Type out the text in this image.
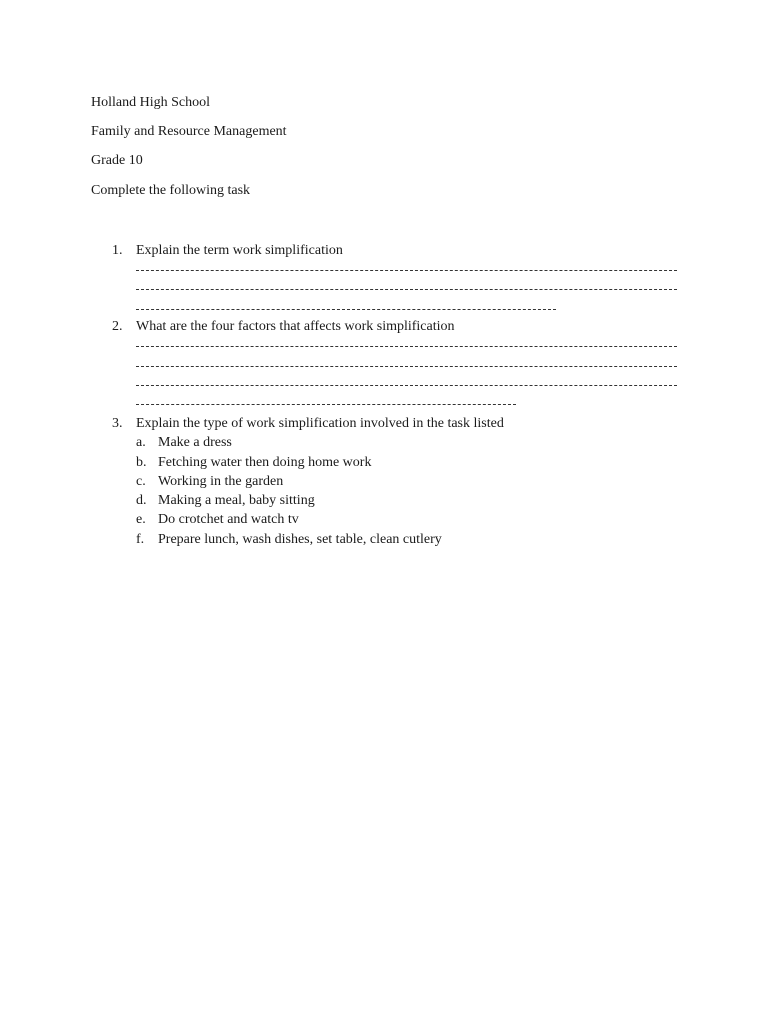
Holland High School
Family and Resource Management
Grade 10
Complete the following task
1. Explain the term work simplification
2. What are the four factors that affects work simplification
3. Explain the type of work simplification involved in the task listed
a. Make a dress
b. Fetching water then doing home work
c. Working in the garden
d. Making a meal, baby sitting
e. Do crotchet and watch tv
f. Prepare lunch, wash dishes, set table, clean cutlery
